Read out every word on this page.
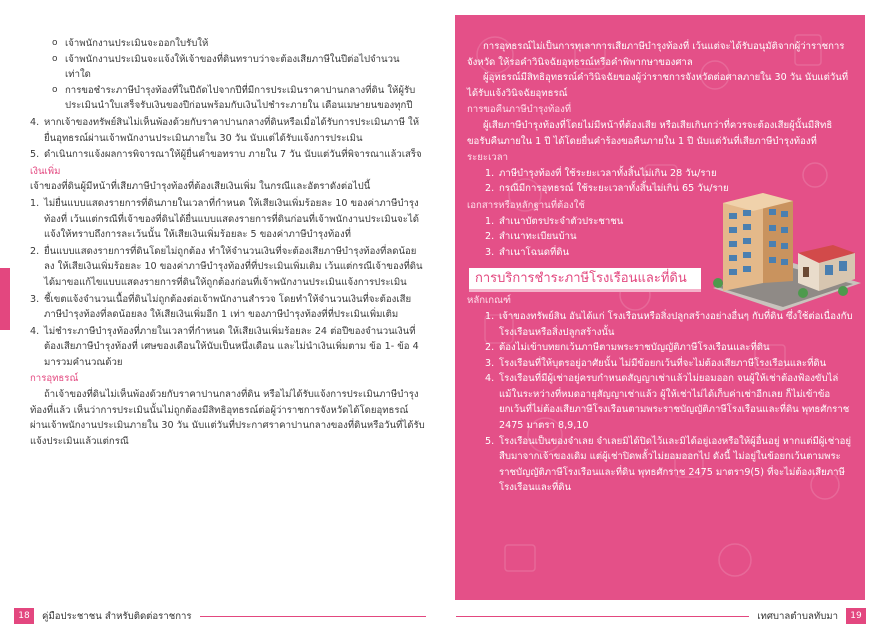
o เจ้าพนักงานประเมินจะออกใบรับให้
o เจ้าพนักงานประเมินจะแจ้งให้เจ้าของที่ดินทราบว่าจะต้องเสียภาษีในปีต่อไปจำนวนเท่าใด
o การขอชำระภาษีบำรุงท้องที่ในปีถัดไปจากปีที่มีการประเมินราคาปานกลางที่ดิน ให้ผู้รับประเมินนำใบเสร็จรับเงินของปีก่อนพร้อมกับเงินไปชำระภายใน เดือนเมษายนของทุกปี
4. หากเจ้าของทรัพย์สินไม่เห็นพ้องด้วยกับราคาปานกลางที่ดินหรือเมื่อได้รับการประเมินภาษี ให้ยื่นอุทธรณ์ผ่านเจ้าพนักงานประเมินภายใน 30 วัน นับแต่ได้รับแจ้งการประเมิน
5. ดำเนินการแจ้งผลการพิจารณาให้ผู้ยื่นคำขอทราบ ภายใน 7 วัน นับแต่วันที่พิจารณาแล้วเสร็จ
เงินเพิ่ม
เจ้าของที่ดินผู้มีหน้าที่เสียภาษีบำรุงท้องที่ต้องเสียเงินเพิ่ม ในกรณีและอัตราดังต่อไปนี้
1. ไม่ยื่นแบบแสดงรายการที่ดินภายในเวลาที่กำหนด ให้เสียเงินเพิ่มร้อยละ 10 ของค่าภาษีบำรุงท้องที่ เว้นแต่กรณีที่เจ้าของที่ดินได้ยื่นแบบแสดงรายการที่ดินก่อนที่เจ้าพนักงานประเมินจะได้แจ้งให้ทราบถึงการละเว้นนั้น ให้เสียเงินเพิ่มร้อยละ 5 ของค่าภาษีบำรุงท้องที่
2. ยื่นแบบแสดงรายการที่ดินโดยไม่ถูกต้อง ทำให้จำนวนเงินที่จะต้องเสียภาษีบำรุงท้องที่ลดน้อยลง ให้เสียเงินเพิ่มร้อยละ 10 ของค่าภาษีบำรุงท้องที่ที่ประเมินเพิ่มเติม เว้นแต่กรณีเจ้าของที่ดินได้มาขอแก้ไขแบบแสดงรายการที่ดินให้ถูกต้องก่อนที่เจ้าพนักงานประเมินแจ้งการประเมิน
3. ชี้เขตแจ้งจำนวนเนื้อที่ดินไม่ถูกต้องต่อเจ้าพนักงานสำรวจ โดยทำให้จำนวนเงินที่จะต้องเสียภาษีบำรุงท้องที่ลดน้อยลง ให้เสียเงินเพิ่มอีก 1 เท่า ของภาษีบำรุงท้องที่ที่ประเมินเพิ่มเติม
4. ไม่ชำระภาษีบำรุงท้องที่ภายในเวลาที่กำหนด ให้เสียเงินเพิ่มร้อยละ 24 ต่อปีของจำนวนเงินที่ต้องเสียภาษีบำรุงท้องที่ เศษของเดือนให้นับเป็นหนึ่งเดือน และไม่นำเงินเพิ่มตาม ข้อ 1- ข้อ 4 มารวมคำนวณด้วย
การอุทธรณ์
ถ้าเจ้าของที่ดินไม่เห็นพ้องด้วยกับราคาปานกลางที่ดิน หรือไม่ได้รับแจ้งการประเมินภาษีบำรุงท้องที่แล้ว เห็นว่าการประเมินนั้นไม่ถูกต้องมีสิทธิอุทธรณ์ต่อผู้ว่าราชการจังหวัดได้โดยอุทธรณ์ผ่านเจ้าพนักงานประเมินภายใน 30 วัน นับแต่วันที่ประกาศราคาปานกลางของที่ดินหรือวันที่ได้รับแจ้งประเมินแล้วแต่กรณี
18	คู่มือประชาชน สำหรับติดต่อราชการ
การอุทธรณ์ไม่เป็นการทุเลาการเสียภาษีบำรุงท้องที่ เว้นแต่จะได้รับอนุมัติจากผู้ว่าราชการจังหวัด ให้รอคำวินิจฉัยอุทธรณ์หรือคำพิพากษาของศาล
ผู้อุทธรณ์มีสิทธิอุทธรณ์คำวินิจฉัยของผู้ว่าราชการจังหวัดต่อศาลภายใน 30 วัน นับแต่วันที่ได้รับแจ้งวินิจฉัยอุทธรณ์
การขอคืนภาษีบำรุงท้องที่
ผู้เสียภาษีบำรุงท้องที่โดยไม่มีหน้าที่ต้องเสีย หรือเสียเกินกว่าที่ควรจะต้องเสียผู้นั้นมีสิทธิขอรับคืนภายใน 1 ปี ได้โดยยื่นคำร้องขอคืนภายใน 1 ปี นับแต่วันที่เสียภาษีบำรุงท้องที่
ระยะเวลา
1. ภาษีบำรุงท้องที่ ใช้ระยะเวลาทั้งสิ้นไม่เกิน 28 วัน/ราย
2. กรณีมีการอุทธรณ์ ใช้ระยะเวลาทั้งสิ้นไม่เกิน 65 วัน/ราย
เอกสารหรือหลักฐานที่ต้องใช้
1. สำเนาบัตรประจำตัวประชาชน
2. สำเนาทะเบียนบ้าน
3. สำเนาโฉนดที่ดิน
การบริการชำระภาษีโรงเรือนและที่ดิน
หลักเกณฑ์
1. เจ้าของทรัพย์สิน อันได้แก่ โรงเรือนหรือสิ่งปลูกสร้างอย่างอื่นๆ กับที่ดิน ซึ่งใช้ต่อเนื่องกับโรงเรือนหรือสิ่งปลูกสร้างนั้น
2. ต้องไม่เข้าบทยกเว้นภาษีตามพระราชบัญญัติภาษีโรงเรือนและที่ดิน
3. โรงเรือนที่ให้บุตรอยู่อาศัยนั้น ไม่มีข้อยกเว้นที่จะไม่ต้องเสียภาษีโรงเรือนและที่ดิน
4. โรงเรือนที่มีผู้เช่าอยู่ครบกำหนดสัญญาเช่าแล้วไม่ยอมออก จนผู้ให้เช่าต้องฟ้องขับไล่ แม้ในระหว่างที่หมดอายุสัญญาเช่าแล้ว ผู้ให้เช่าไม่ได้เก็บค่าเช่าอีกเลย ก็ไม่เข้าข้อยกเว้นที่ไม่ต้องเสียภาษีโรงเรือนตามพระราชบัญญัติภาษีโรงเรือนและที่ดิน พุทธศักราช 2475 มาตรา 8,9,10
5. โรงเรือนเป็นของจำเลย จำเลยมิได้ปิดไว้และมิได้อยู่เองหรือให้ผู้อื่นอยู่ หากแต่มีผู้เช่าอยู่สืบมาจากเจ้าของเดิม แต่ผู้เช่าปิดพลั้วไม่ยอมออกไป ดังนี้ ไม่อยู่ในข้อยกเว้นตามพระราชบัญญัติภาษีโรงเรือนและที่ดิน พุทธศักราช 2475 มาตรา9(5) ที่จะไม่ต้องเสียภาษีโรงเรือนและที่ดิน
เทศบาลตำบลทับมา	19
